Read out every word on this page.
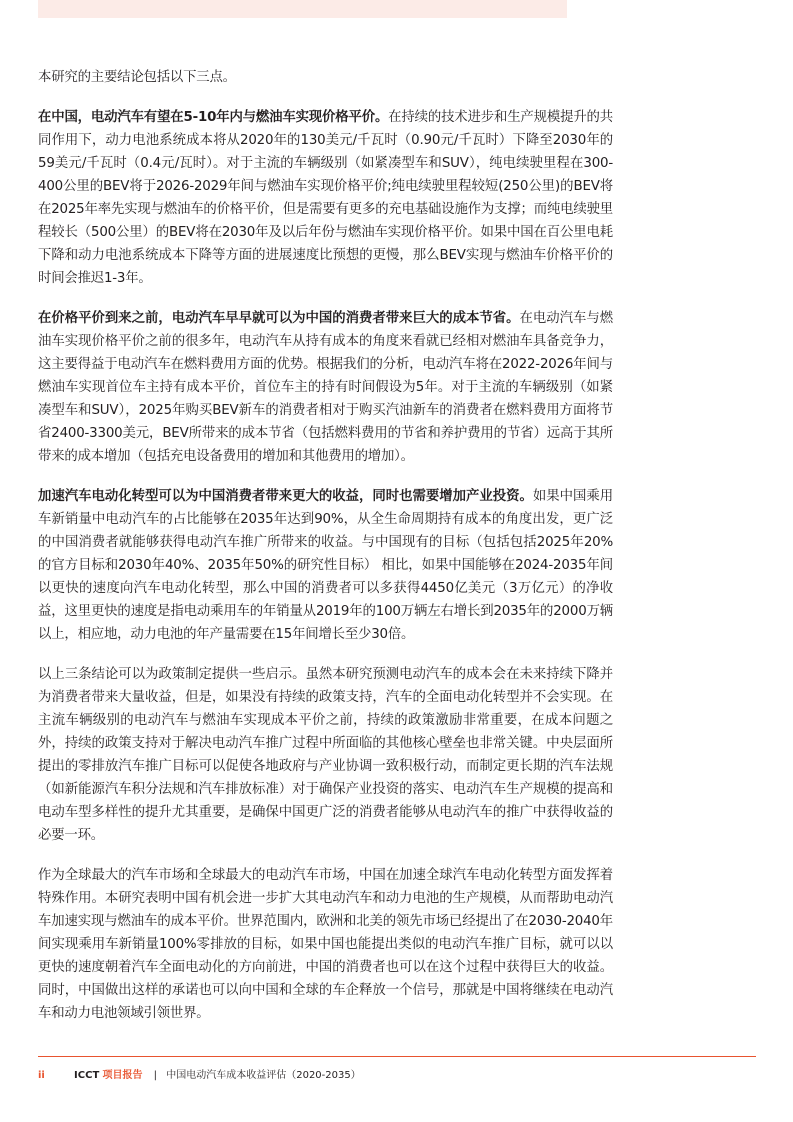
本研究的主要结论包括以下三点。

在中国，电动汽车有望在5-10年内与燃油车实现价格平价。在持续的技术进步和生产规模提升的共同作用下，动力电池系统成本将从2020年的130美元/千瓦时（0.90元/千瓦时）下降至2030年的59美元/千瓦时（0.4元/瓦时）。对于主流的车辆级别（如紧凑型车和SUV），纯电续驶里程在300-400公里的BEV将于2026-2029年间与燃油车实现价格平价;纯电续驶里程较短(250公里)的BEV将在2025年率先实现与燃油车的价格平价，但是需要有更多的充电基础设施作为支撑；而纯电续驶里程较长（500公里）的BEV将在2030年及以后年份与燃油车实现价格平价。如果中国在百公里电耗下降和动力电池系统成本下降等方面的进展速度比预想的更慢，那么BEV实现与燃油车价格平价的时间会推迟1-3年。

在价格平价到来之前，电动汽车早早就可以为中国的消费者带来巨大的成本节省。在电动汽车与燃油车实现价格平价之前的很多年，电动汽车从持有成本的角度来看就已经相对燃油车具备竞争力，这主要得益于电动汽车在燃料费用方面的优势。根据我们的分析，电动汽车将在2022-2026年间与燃油车实现首位车主持有成本平价，首位车主的持有时间假设为5年。对于主流的车辆级别（如紧凑型车和SUV），2025年购买BEV新车的消费者相对于购买汽油新车的消费者在燃料费用方面将节省2400-3300美元，BEV所带来的成本节省（包括燃料费用的节省和养护费用的节省）远高于其所带来的成本增加（包括充电设备费用的增加和其他费用的增加）。

加速汽车电动化转型可以为中国消费者带来更大的收益，同时也需要增加产业投资。如果中国乘用车新销量中电动汽车的占比能够在2035年达到90%，从全生命周期持有成本的角度出发，更广泛的中国消费者就能够获得电动汽车推广所带来的收益。与中国现有的目标（包括包括2025年20%的官方目标和2030年40%、2035年50%的研究性目标） 相比，如果中国能够在2024-2035年间以更快的速度向汽车电动化转型，那么中国的消费者可以多获得4450亿美元（3万亿元）的净收益，这里更快的速度是指电动乘用车的年销量从2019年的100万辆左右增长到2035年的2000万辆以上，相应地，动力电池的年产量需要在15年间增长至少30倍。

以上三条结论可以为政策制定提供一些启示。虽然本研究预测电动汽车的成本会在未来持续下降并为消费者带来大量收益，但是，如果没有持续的政策支持，汽车的全面电动化转型并不会实现。在主流车辆级别的电动汽车与燃油车实现成本平价之前，持续的政策激励非常重要，在成本问题之外，持续的政策支持对于解决电动汽车推广过程中所面临的其他核心壁垒也非常关键。中央层面所提出的零排放汽车推广目标可以促使各地政府与产业协调一致积极行动，而制定更长期的汽车法规（如新能源汽车积分法规和汽车排放标准）对于确保产业投资的落实、电动汽车生产规模的提高和电动车型多样性的提升尤其重要，是确保中国更广泛的消费者能够从电动汽车的推广中获得收益的必要一环。

作为全球最大的汽车市场和全球最大的电动汽车市场，中国在加速全球汽车电动化转型方面发挥着特殊作用。本研究表明中国有机会进一步扩大其电动汽车和动力电池的生产规模，从而帮助电动汽车加速实现与燃油车的成本平价。世界范围内，欧洲和北美的领先市场已经提出了在2030-2040年间实现乘用车新销量100%零排放的目标，如果中国也能提出类似的电动汽车推广目标，就可以以更快的速度朝着汽车全面电动化的方向前进，中国的消费者也可以在这个过程中获得巨大的收益。同时，中国做出这样的承诺也可以向中国和全球的车企释放一个信号，那就是中国将继续在电动汽车和动力电池领域引领世界。

ii	ICCT 项目报告 | 中国电动汽车成本收益评估（2020-2035）
